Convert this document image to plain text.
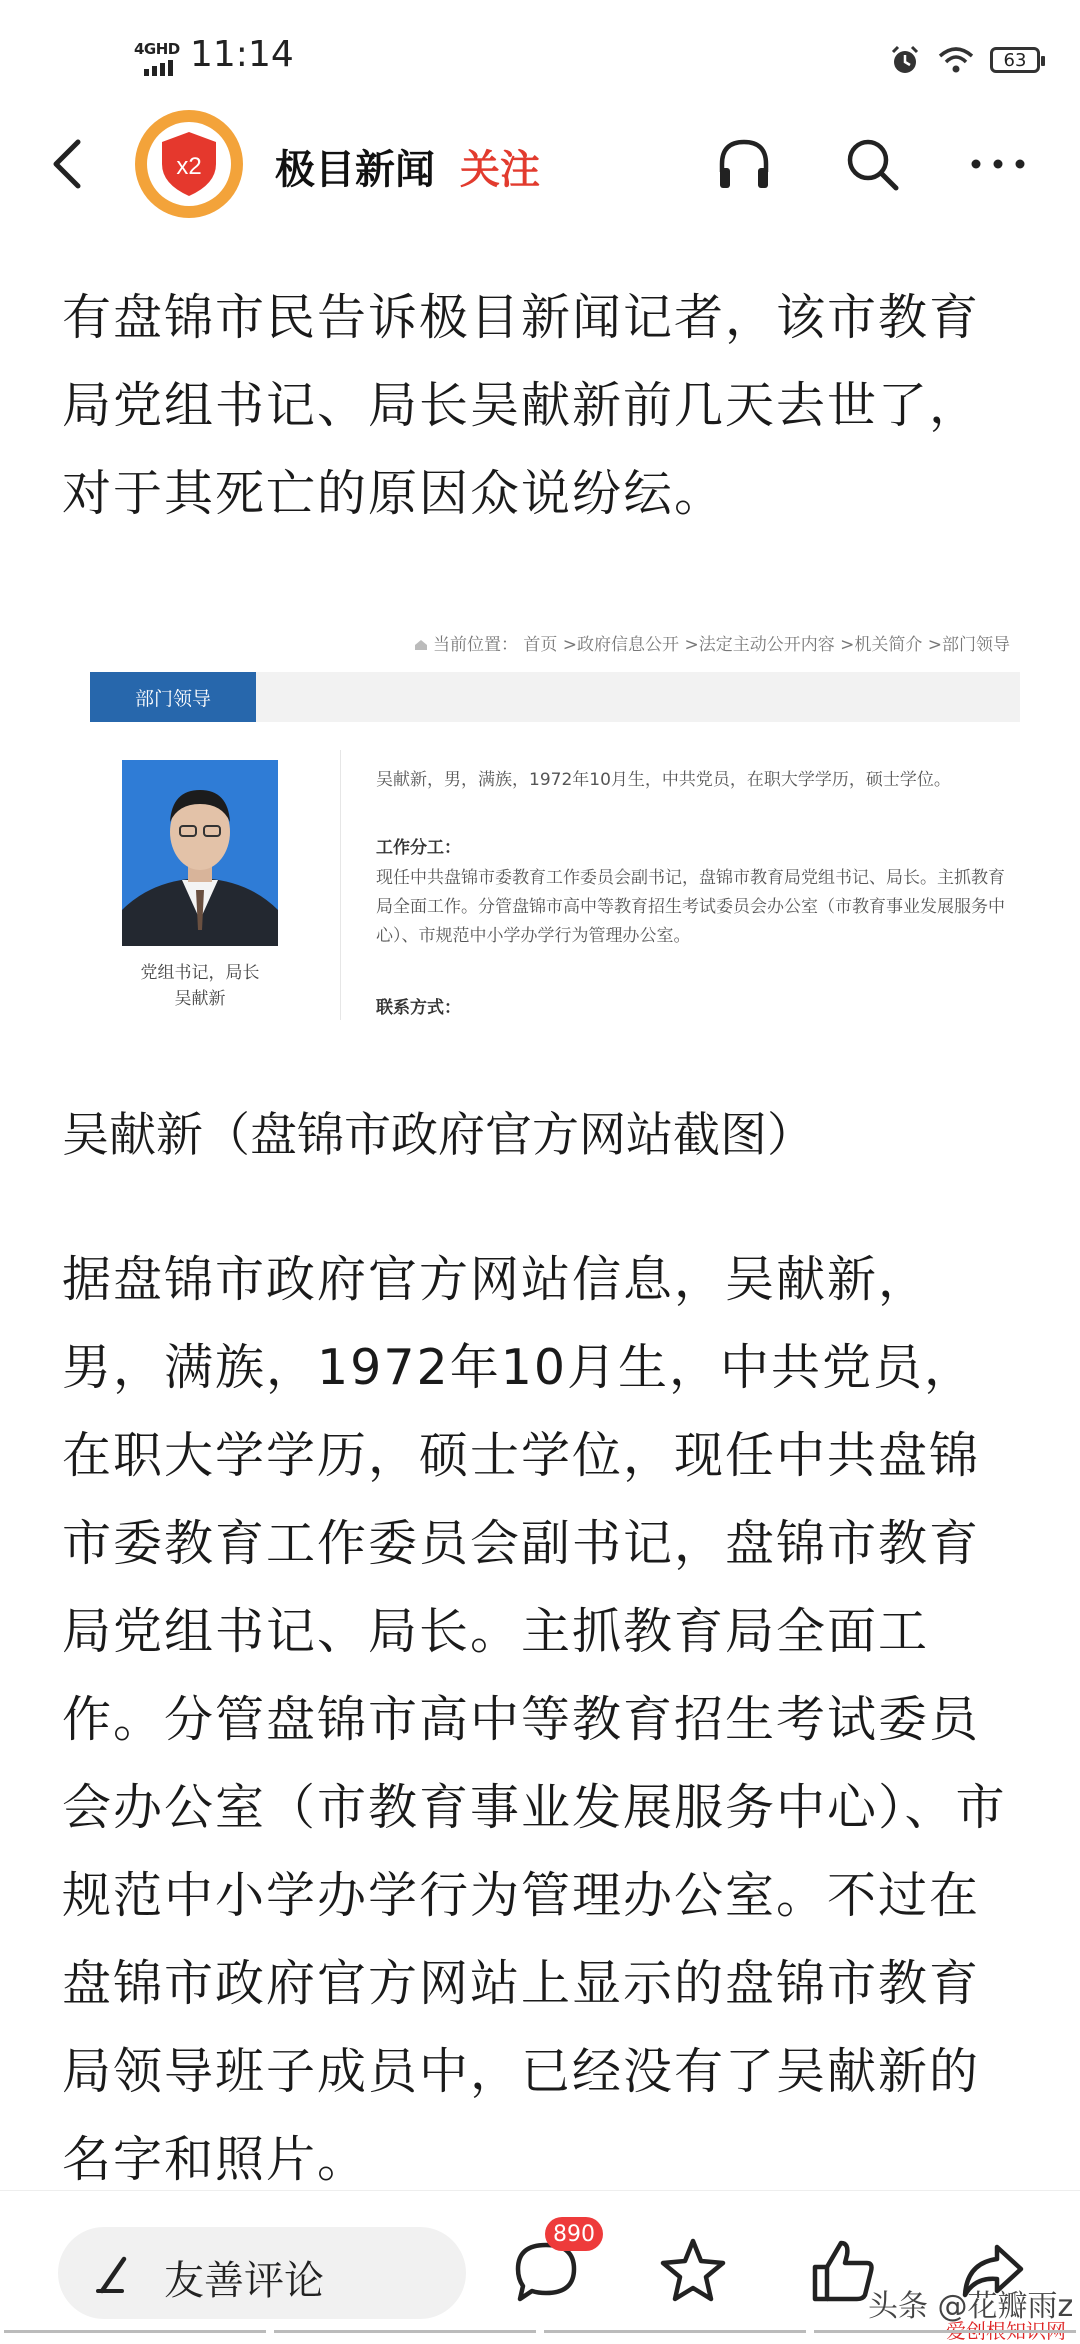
4GHD 11:14	63
x2 极目新闻 关注

有盘锦市民告诉极目新闻记者，该市教育局党组书记、局长吴献新前几天去世了，对于其死亡的原因众说纷纭。

当前位置： 首页 >政府信息公开 >法定主动公开内容 >机关简介 >部门领导
部门领导
党组书记，局长
吴献新

吴献新，男，满族，1972年10月生，中共党员，在职大学学历，硕士学位。

工作分工：

现任中共盘锦市委教育工作委员会副书记，盘锦市教育局党组书记、局长。主抓教育局全面工作。分管盘锦市高中等教育招生考试委员会办公室（市教育事业发展服务中心）、市规范中小学办学行为管理办公室。

联系方式：

吴献新（盘锦市政府官方网站截图）

据盘锦市政府官方网站信息，吴献新，男，满族，1972年10月生，中共党员，在职大学学历，硕士学位，现任中共盘锦市委教育工作委员会副书记，盘锦市教育局党组书记、局长。主抓教育局全面工作。分管盘锦市高中等教育招生考试委员会办公室（市教育事业发展服务中心）、市规范中小学办学行为管理办公室。不过在盘锦市政府官方网站上显示的盘锦市教育局领导班子成员中，已经没有了吴献新的名字和照片。

友善评论
890
头条 @花瓣雨z
爱创根知识网
